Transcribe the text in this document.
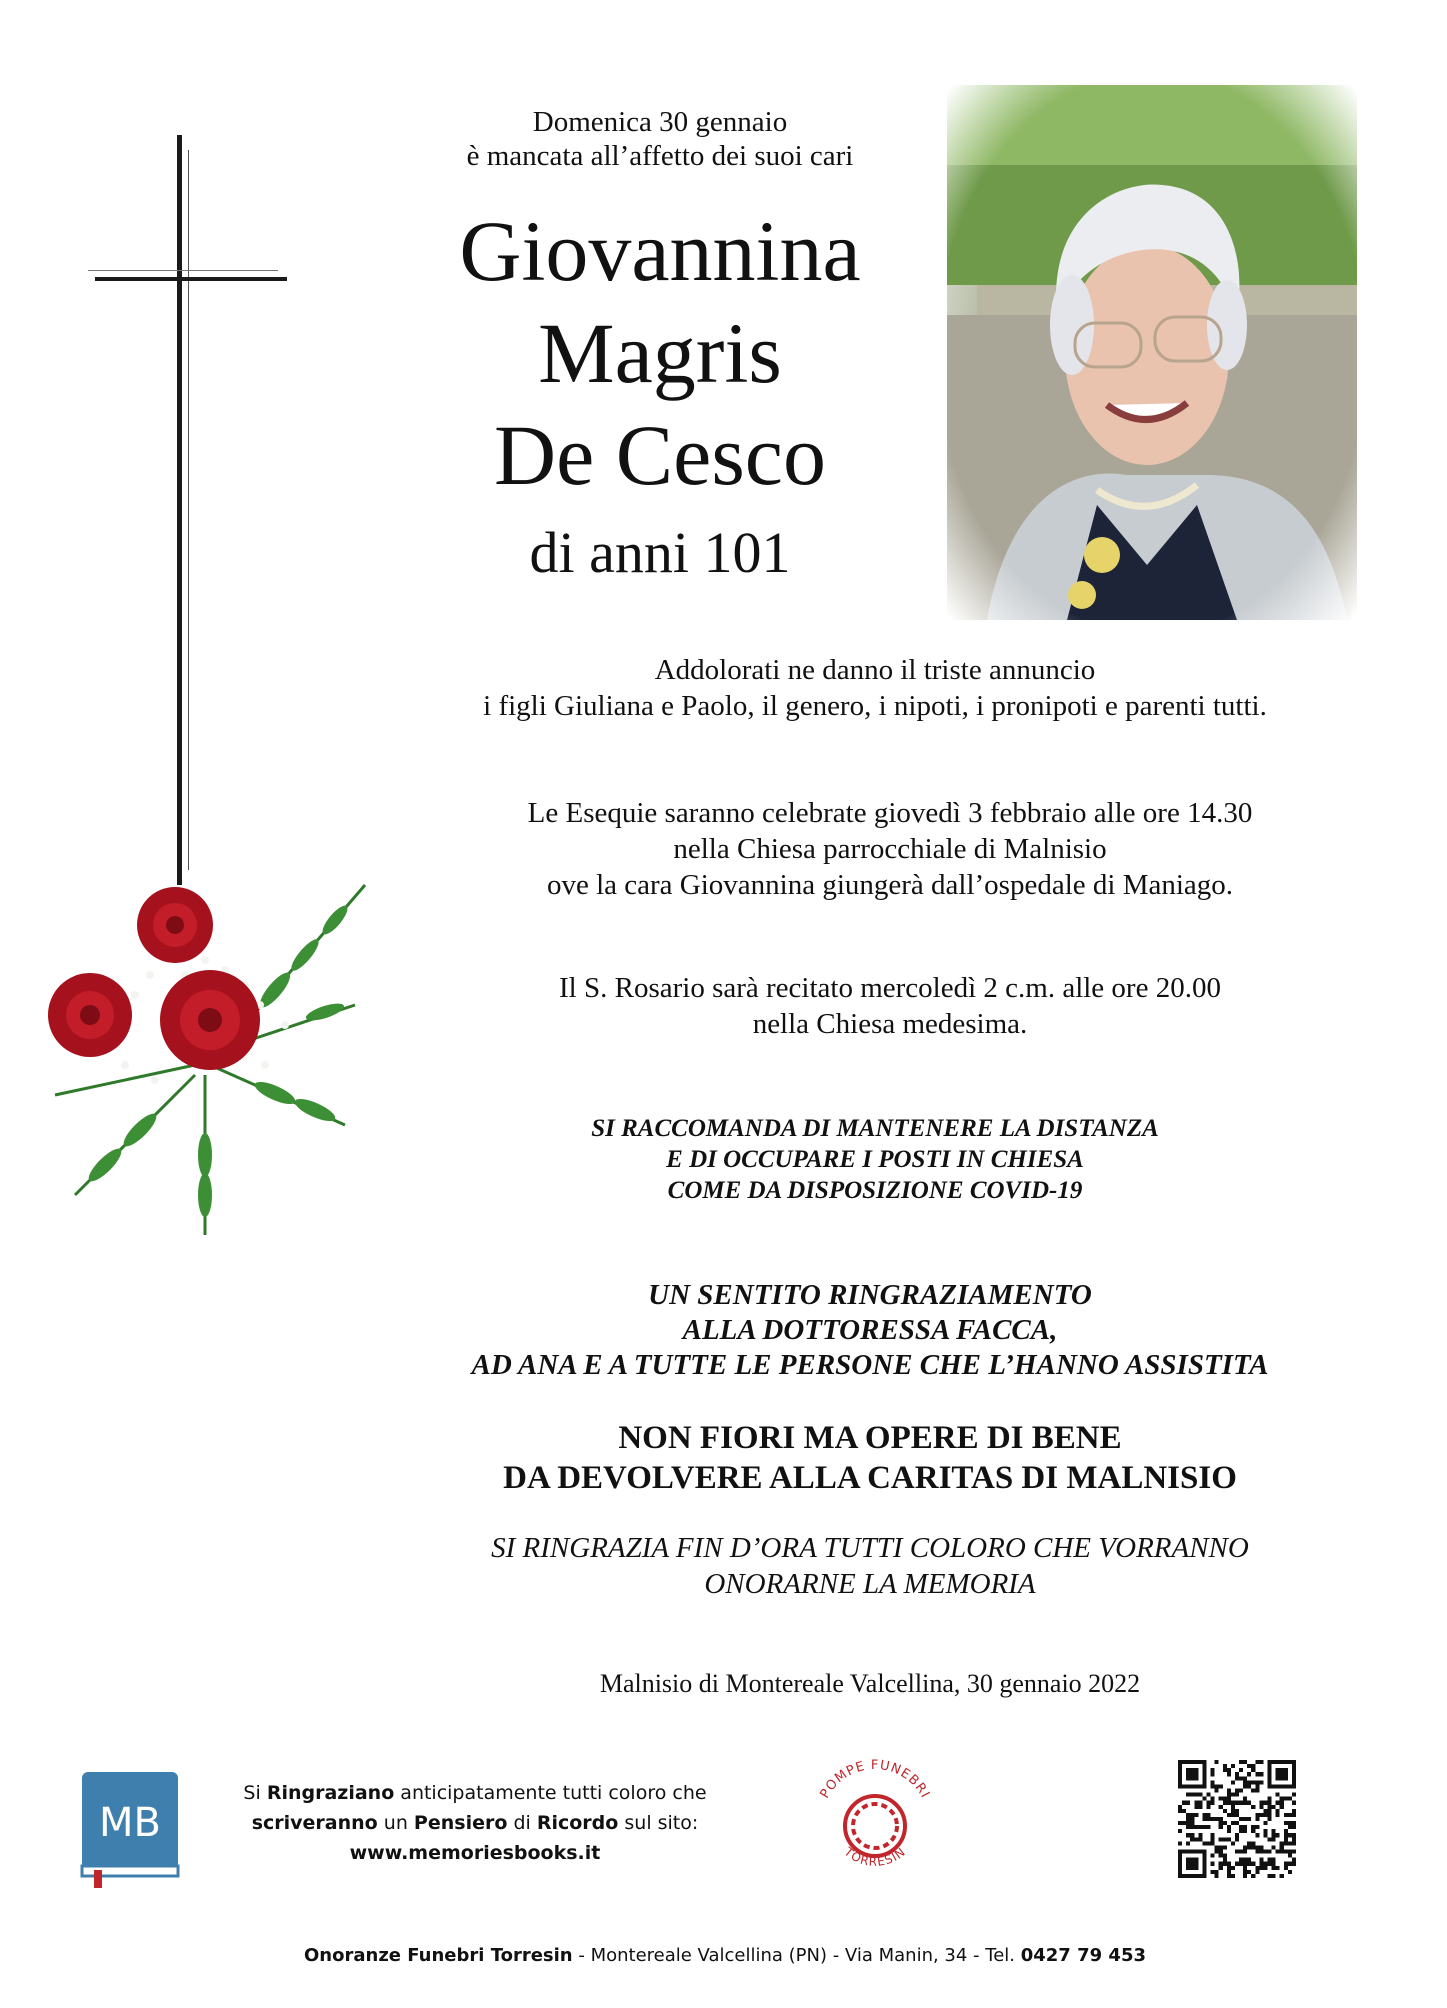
Domenica 30 gennaio
è mancata all’affetto dei suoi cari
Giovannina
Magris
De Cesco
di anni 101
Addolorati ne danno il triste annuncio
i figli Giuliana e Paolo, il genero, i nipoti, i pronipoti e parenti tutti.
Le Esequie saranno celebrate giovedì 3 febbraio alle ore 14.30
nella Chiesa parrocchiale di Malnisio
ove la cara Giovannina giungerà dall’ospedale di Maniago.
Il S. Rosario sarà recitato mercoledì 2 c.m. alle ore 20.00
nella Chiesa medesima.
SI RACCOMANDA DI MANTENERE LA DISTANZA
E DI OCCUPARE I POSTI IN CHIESA
COME DA DISPOSIZIONE COVID-19
UN SENTITO RINGRAZIAMENTO
ALLA DOTTORESSA FACCA,
AD ANA E A TUTTE LE PERSONE CHE L’HANNO ASSISTITA
NON FIORI MA OPERE DI BENE
DA DEVOLVERE ALLA CARITAS DI MALNISIO
SI RINGRAZIA FIN D’ORA TUTTI COLORO CHE VORRANNO
ONORARNE LA MEMORIA
Malnisio di Montereale Valcellina, 30 gennaio 2022
MB
Si Ringraziano anticipatamente tutti coloro che
scriveranno un Pensiero di Ricordo sul sito:
www.memoriesbooks.it
POMPE FUNEBRI
TORRESIN
Onoranze Funebri Torresin - Montereale Valcellina (PN) - Via Manin, 34 - Tel. 0427 79 453
